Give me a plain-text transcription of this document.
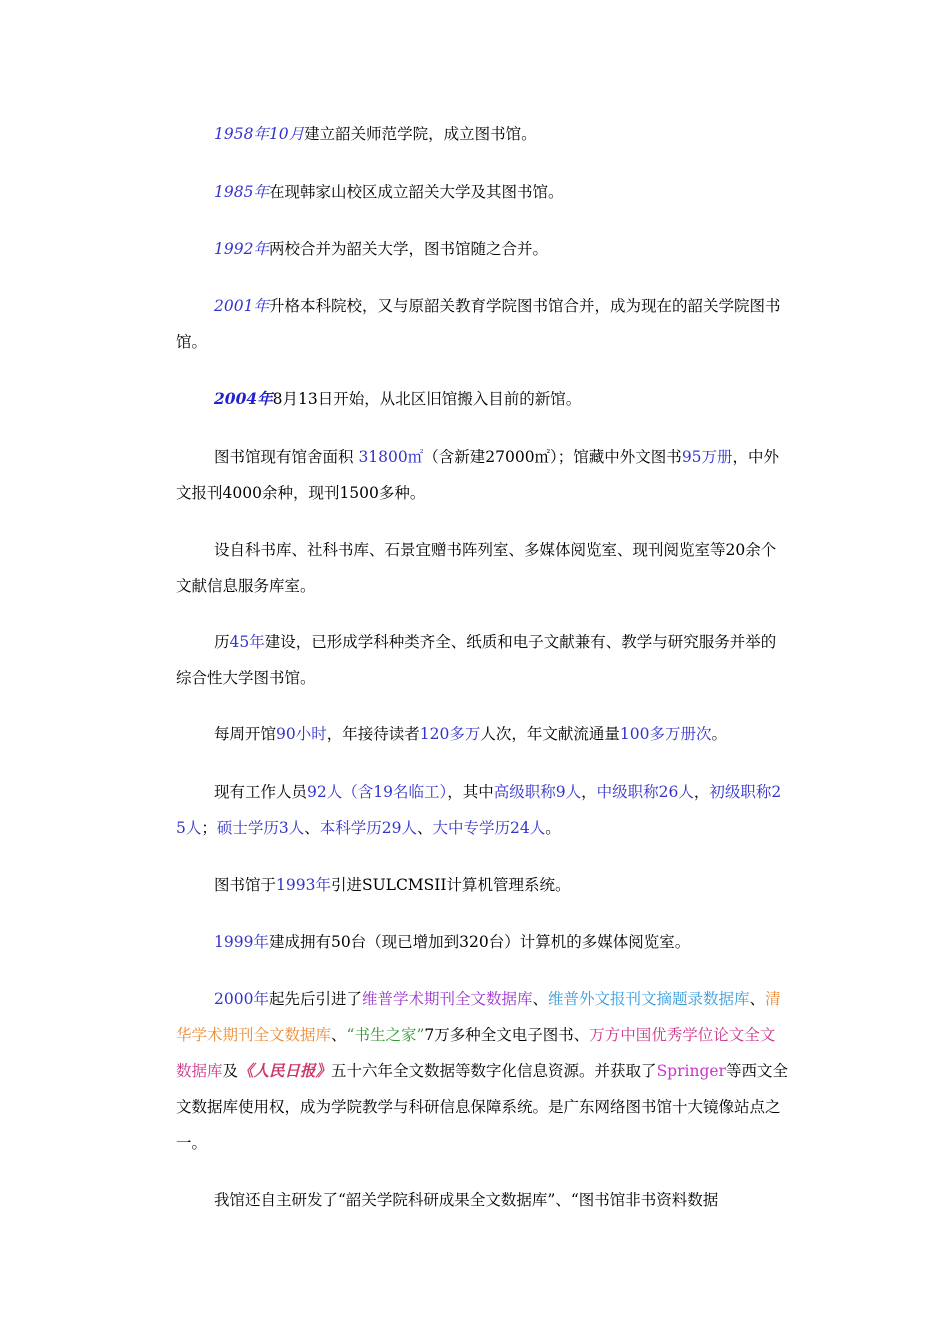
1958年10月建立韶关师范学院，成立图书馆。

1985年在现韩家山校区成立韶关大学及其图书馆。

1992年两校合并为韶关大学，图书馆随之合并。

2001年升格本科院校，又与原韶关教育学院图书馆合并，成为现在的韶关学院图书馆。

2004年8月13日开始，从北区旧馆搬入目前的新馆。

图书馆现有馆舍面积 31800㎡（含新建27000㎡）；馆藏中外文图书95万册，中外文报刊4000余种，现刊1500多种。

设自科书库、社科书库、石景宜赠书阵列室、多媒体阅览室、现刊阅览室等20余个文献信息服务库室。

历45年建设，已形成学科种类齐全、纸质和电子文献兼有、教学与研究服务并举的综合性大学图书馆。

每周开馆90小时，年接待读者120多万人次，年文献流通量100多万册次。

现有工作人员92人（含19名临工），其中高级职称9人，中级职称26人，初级职称25人；硕士学历3人、本科学历29人、大中专学历24人。

图书馆于1993年引进SULCMSII计算机管理系统。

1999年建成拥有50台（现已增加到320台）计算机的多媒体阅览室。

2000年起先后引进了维普学术期刊全文数据库、维普外文报刊文摘题录数据库、清华学术期刊全文数据库、“书生之家”7万多种全文电子图书、万方中国优秀学位论文全文数据库及《人民日报》五十六年全文数据等数字化信息资源。并获取了Springer等西文全文数据库使用权，成为学院教学与科研信息保障系统。是广东网络图书馆十大镜像站点之一。

我馆还自主研发了“韶关学院科研成果全文数据库”、“图书馆非书资料数据
